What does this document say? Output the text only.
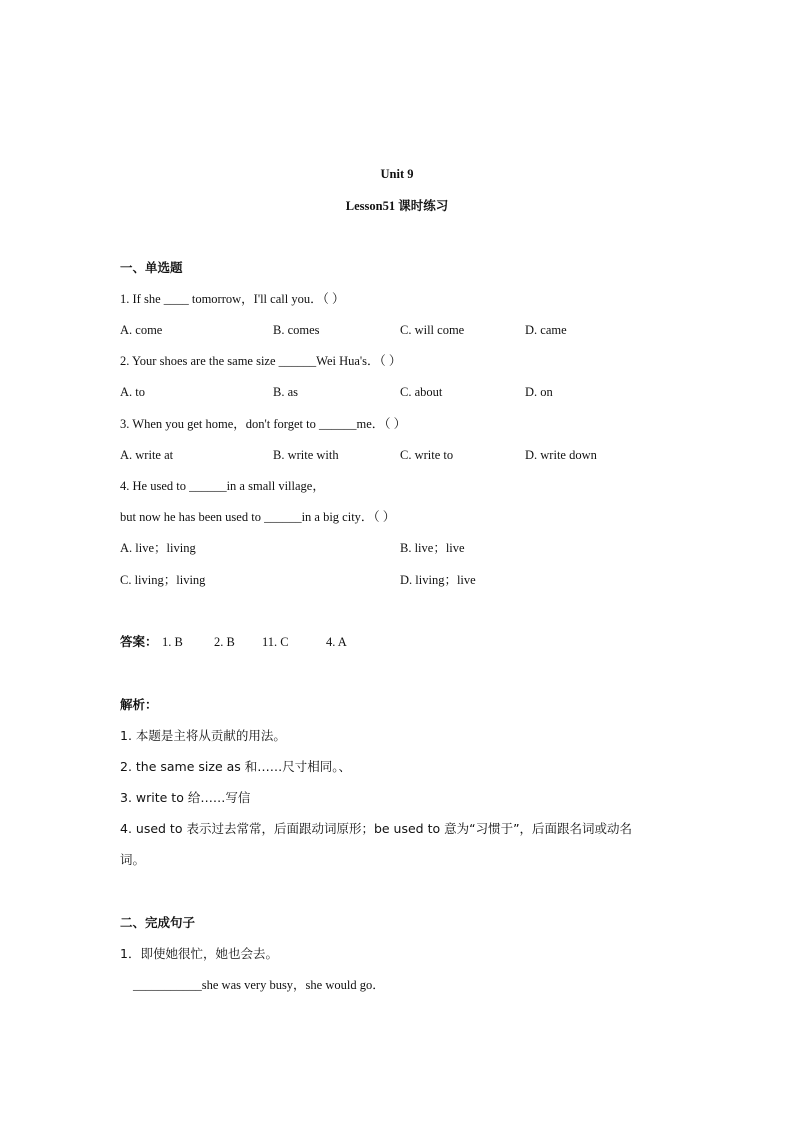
Unit 9
Lesson51 课时练习
一、单选题
1. If she ____ tomorrow，I'll call you．（ ）
A. come	B. comes	C. will come	D. came
2. Your shoes are the same size ______Wei Hua's．（ ）
A. to	B. as	C. about	D. on
3. When you get home，don't forget to ______me．（ ）
A. write at	B. write with	C. write to	D. write down
4. He used to ______in a small village，
but now he has been used to ______in a big city．（ ）
A. live；living	B. live；live
C. living；living	D. living；live
答案： 1. B 2. B 11. C	4. A
解析：
1. 本题是主将从贡献的用法。
2. the same size as 和……尺寸相同。、
3. write to 给……写信
4. used to 表示过去常常，后面跟动词原形；be used to 意为“习惯于”，后面跟名词或动名
词。
二、完成句子
1．即使她很忙，她也会去。
___________she was very busy，she would go．
